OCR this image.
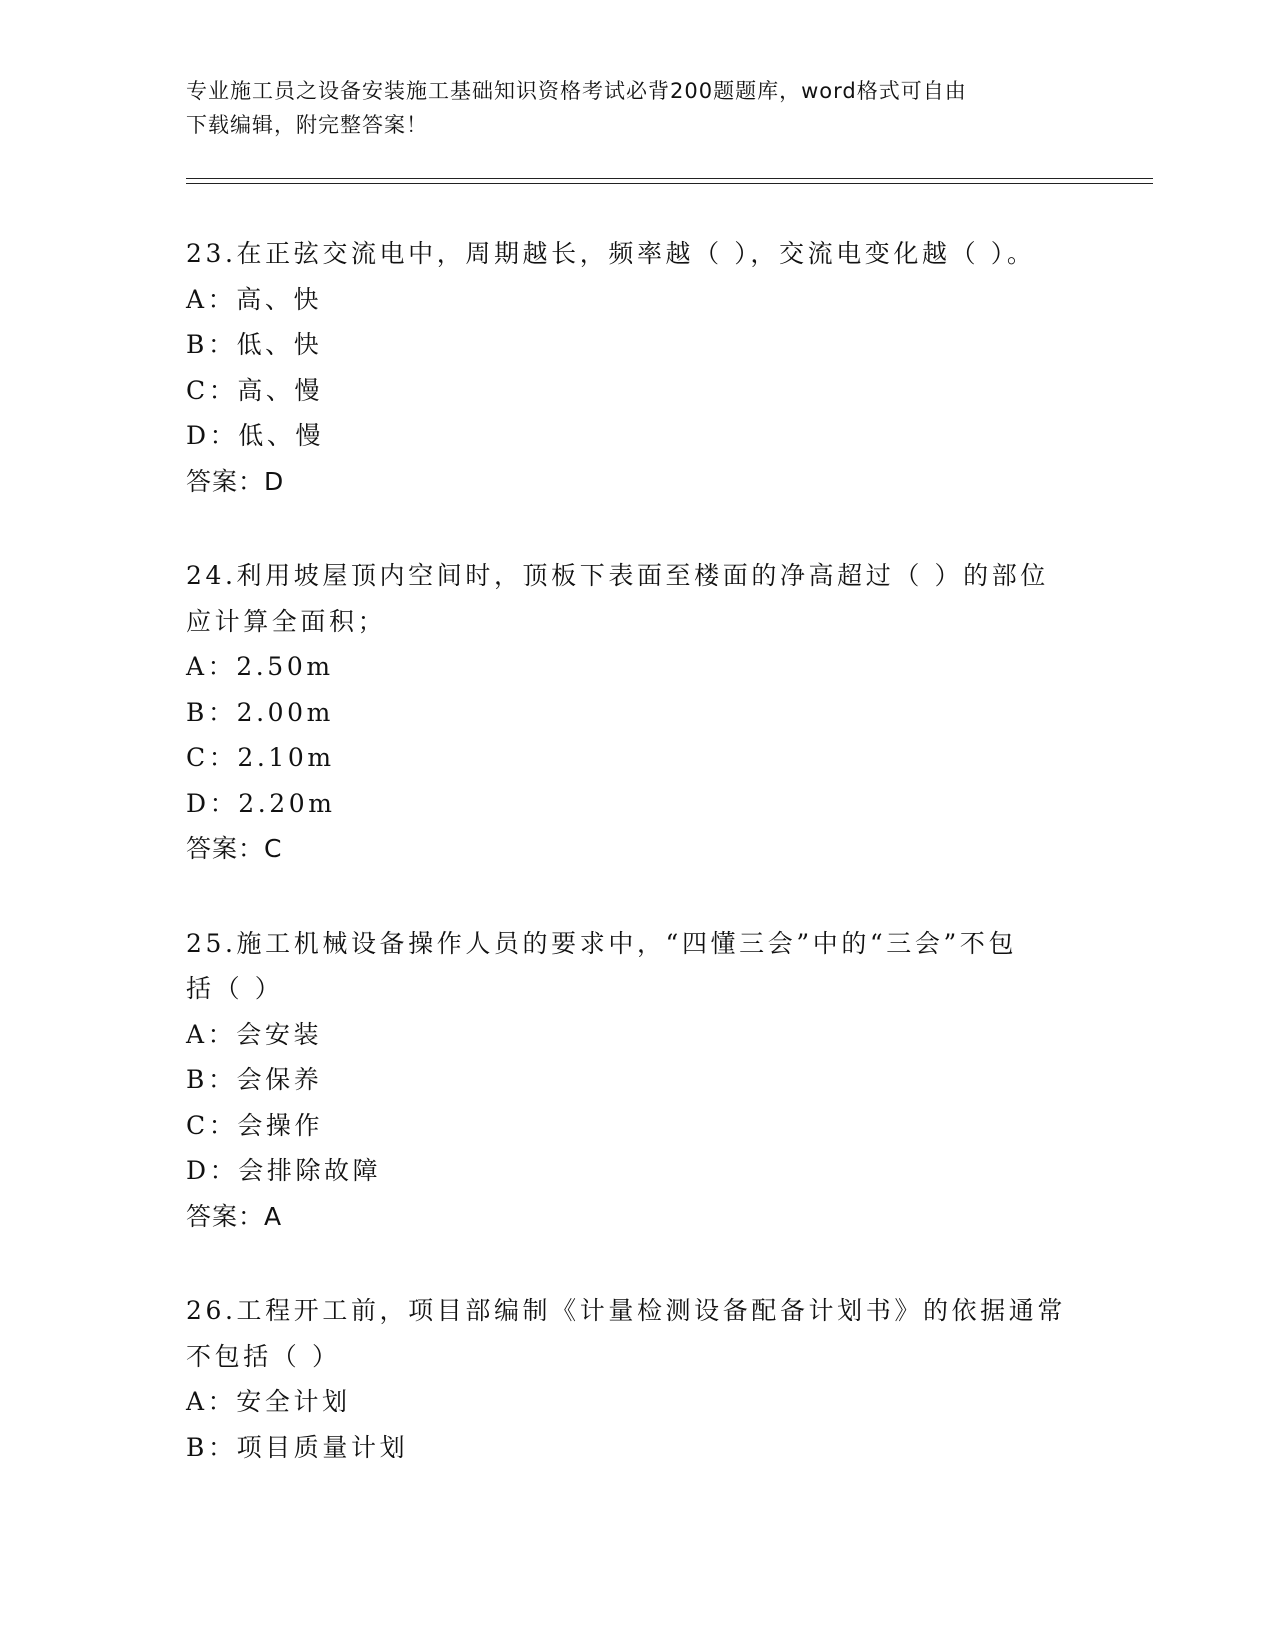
专业施工员之设备安装施工基础知识资格考试必背200题题库，word格式可自由
下载编辑，附完整答案！

23.在正弦交流电中，周期越长，频率越（ ），交流电变化越（ ）。

A：高、快

B：低、快

C：高、慢

D：低、慢

答案：D

24.利用坡屋顶内空间时，顶板下表面至楼面的净高超过（ ）的部位

应计算全面积；

A：2.50m

B：2.00m

C：2.10m

D：2.20m

答案：C

25.施工机械设备操作人员的要求中，“四懂三会”中的“三会”不包

括（ ）

A：会安装

B：会保养

C：会操作

D：会排除故障

答案：A

26.工程开工前，项目部编制《计量检测设备配备计划书》的依据通常

不包括（ ）

A：安全计划

B：项目质量计划
